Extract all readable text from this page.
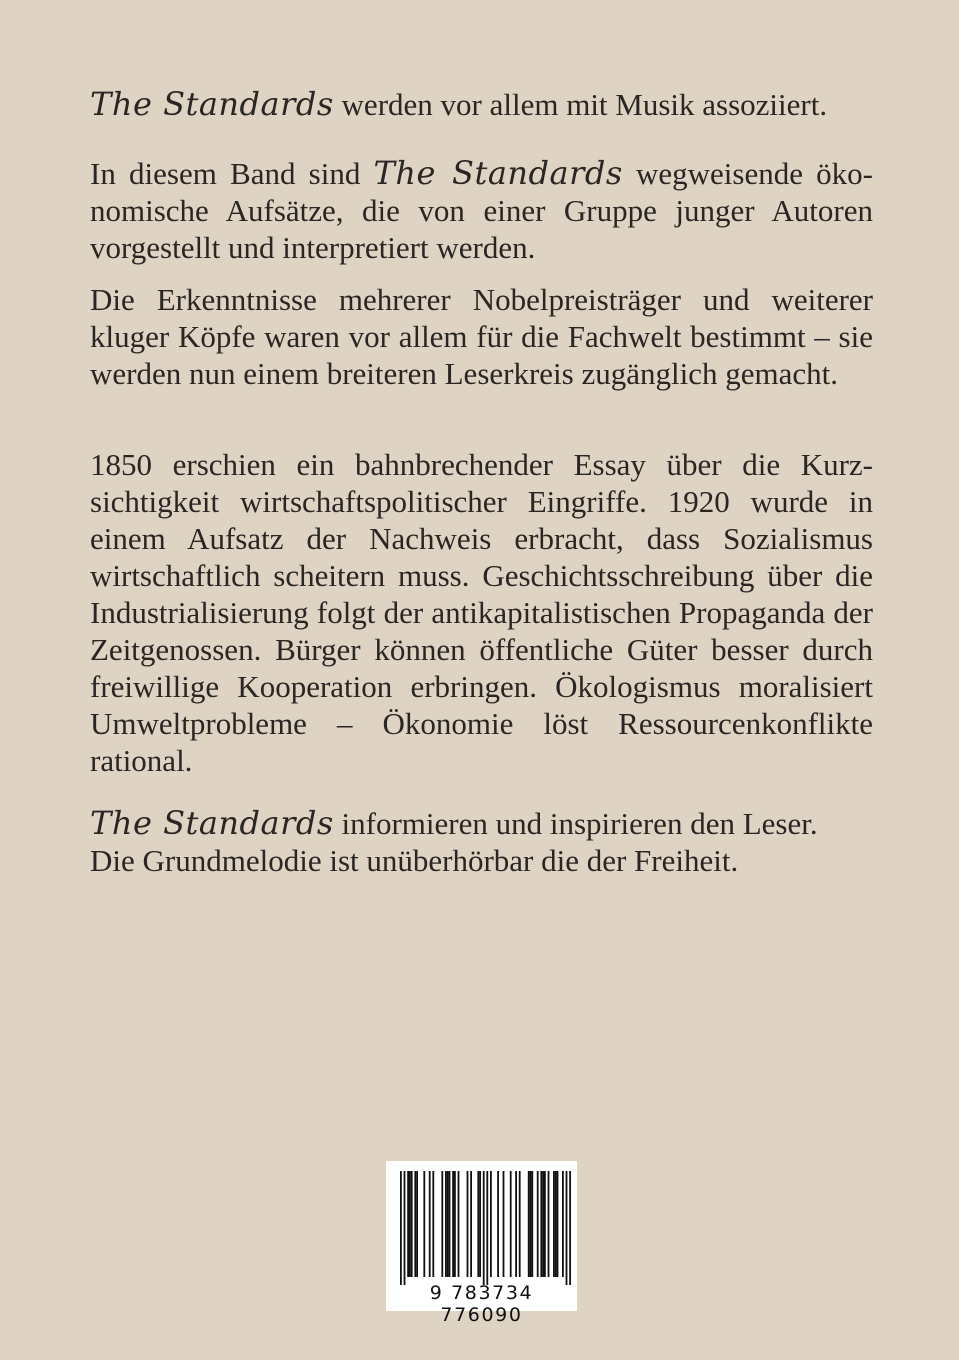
The Standards werden vor allem mit Musik assoziiert.

In diesem Band sind The Standards wegweisende ökonomische Aufsätze, die von einer Gruppe junger Autoren vorgestellt und interpretiert werden.

Die Erkenntnisse mehrerer Nobelpreisträger und weiterer kluger Köpfe waren vor allem für die Fachwelt bestimmt – sie werden nun einem breiteren Leserkreis zugänglich gemacht.

1850 erschien ein bahnbrechender Essay über die Kurzsichtigkeit wirtschaftspolitischer Eingriffe. 1920 wurde in einem Aufsatz der Nachweis erbracht, dass Sozialismus wirtschaftlich scheitern muss. Geschichtsschreibung über die Industrialisierung folgt der antikapitalistischen Propaganda der Zeitgenossen. Bürger können öffentliche Güter besser durch freiwillige Kooperation erbringen. Ökologismus moralisiert Umweltprobleme – Ökonomie löst Ressourcenkonflikte rational.

The Standards informieren und inspirieren den Leser.

Die Grundmelodie ist unüberhörbar die der Freiheit.

9 783734 776090
